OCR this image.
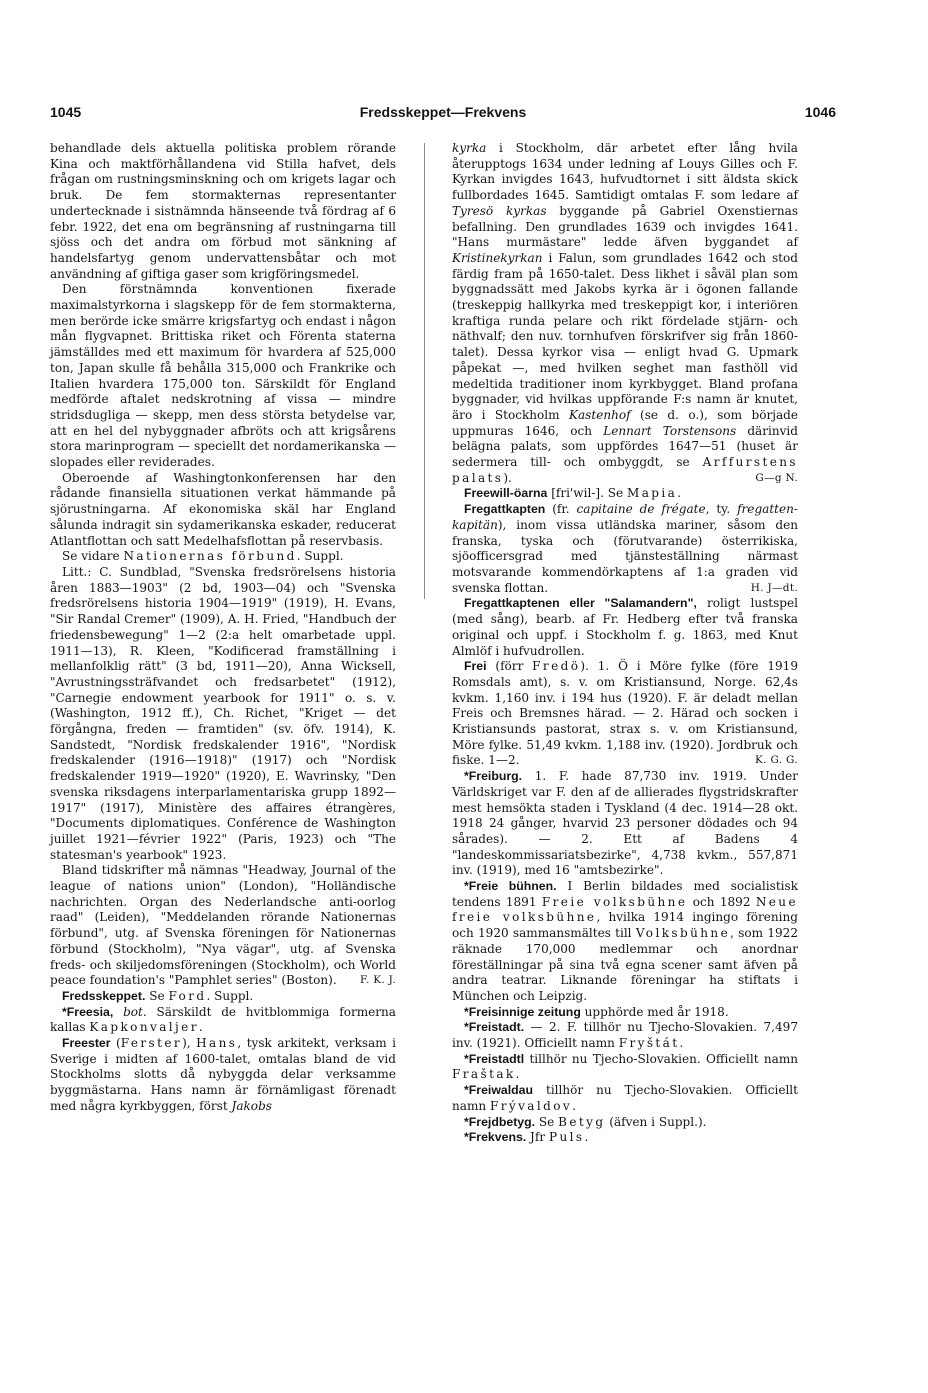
1045	Fredsskeppet—Frekvens	1046
behandlade dels aktuella politiska problem rörande Kina och maktförhållandena vid Stilla hafvet, dels frågan om rustningsminskning och om krigets lagar och bruk. De fem stormakternas representanter undertecknade i sistnämnda hänseende två fördrag af 6 febr. 1922, det ena om begränsning af rustningarna till sjöss och det andra om förbud mot sänkning af handelsfartyg genom undervattensbåtar och mot användning af giftiga gaser som krigföringsmedel.
Den förstnämnda konventionen fixerade maximalstyrkorna i slagskepp för de fem stormakterna, men berörde icke smärre krigsfartyg och endast i någon mån flygvapnet. Brittiska riket och Förenta staterna jämställdes med ett maximum för hvardera af 525,000 ton, Japan skulle få behålla 315,000 och Frankrike och Italien hvardera 175,000 ton. Särskildt för England medförde aftalet nedskrotning af vissa — mindre stridsdugliga — skepp, men dess största betydelse var, att en hel del nybyggnader afbröts och att krigsårens stora marinprogram — speciellt det nordamerikanska — slopades eller reviderades.
Oberoende af Washingtonkonferensen har den rådande finansiella situationen verkat hämmande på sjörustningarna. Af ekonomiska skäl har England sålunda indragit sin sydamerikanska eskader, reducerat Atlantflottan och satt Medelhafsflottan på reservbasis.
Se vidare Nationernas förbund. Suppl.
Litt.: C. Sundblad, "Svenska fredsrörelsens historia åren 1883—1903" (2 bd, 1903—04) och "Svenska fredsrörelsens historia 1904—1919" (1919), H. Evans, "Sir Randal Cremer" (1909), A. H. Fried, "Handbuch der friedensbewegung" 1—2 (2:a helt omarbetade uppl. 1911—13), R. Kleen, "Kodificerad framställning i mellanfolklig rätt" (3 bd, 1911—20), Anna Wicksell, "Avrustningssträfvandet och fredsarbetet" (1912), "Carnegie endowment yearbook for 1911" o. s. v. (Washington, 1912 ff.), Ch. Richet, "Kriget — det förgångna, freden — framtiden" (sv. öfv. 1914), K. Sandstedt, "Nordisk fredskalender 1916", "Nordisk fredskalender (1916—1918)" (1917) och "Nordisk fredskalender 1919—1920" (1920), E. Wavrinsky, "Den svenska riksdagens interparlamentariska grupp 1892—1917" (1917), Ministère des affaires étrangères, "Documents diplomatiques. Conférence de Washington juillet 1921—février 1922" (Paris, 1923) och "The statesman's yearbook" 1923.
Bland tidskrifter må nämnas "Headway, Journal of the league of nations union" (London), "Holländische nachrichten. Organ des Nederlandsche anti-oorlog raad" (Leiden), "Meddelanden rörande Nationernas förbund", utg. af Svenska föreningen för Nationernas förbund (Stockholm), "Nya vägar", utg. af Svenska freds- och skiljedomsföreningen (Stockholm), och World peace foundation's "Pamphlet series" (Boston).	F. K. J.
Fredsskeppet. Se Ford. Suppl.
*Freesia, bot. Särskildt de hvitblommiga formerna kallas Kapkonvaljer.
Freester (Ferster), Hans, tysk arkitekt, verksam i Sverige i midten af 1600-talet, omtalas bland de vid Stockholms slotts då nybyggda delar verksamme byggmästarna. Hans namn är förnämligast förenadt med några kyrkbyggen, först Jakobs
kyrka i Stockholm, där arbetet efter lång hvila återupptogs 1634 under ledning af Louys Gilles och F. Kyrkan invigdes 1643, hufvudtornet i sitt äldsta skick fullbordades 1645. Samtidigt omtalas F. som ledare af Tyresö kyrkas byggande på Gabriel Oxenstiernas befallning. Den grundlades 1639 och invigdes 1641. "Hans murmästare" ledde äfven byggandet af Kristinekyrkan i Falun, som grundlades 1642 och stod färdig fram på 1650-talet. Dess likhet i såväl plan som byggnadssätt med Jakobs kyrka är i ögonen fallande (treskeppig hallkyrka med treskeppigt kor, i interiören kraftiga runda pelare och rikt fördelade stjärn- och näthvalf; den nuv. tornhufven förskrifver sig från 1860-talet). Dessa kyrkor visa — enligt hvad G. Upmark påpekat —, med hvilken seghet man fasthöll vid medeltida traditioner inom kyrkbygget. Bland profana byggnader, vid hvilkas uppförande F:s namn är knutet, äro i Stockholm Kastenhof (se d. o.), som började uppmuras 1646, och Lennart Torstensons därinvid belägna palats, som uppfördes 1647—51 (huset är sedermera till- och ombyggdt, se Arffurstens palats).	G—g N.
Freewill-öarna [fri'wil-]. Se Mapia.
Fregattkapten (fr. capitaine de frégate, ty. fregatten-kapitän), inom vissa utländska mariner, såsom den franska, tyska och (förutvarande) österrikiska, sjöofficersgrad med tjänsteställning närmast motsvarande kommendörkaptens af 1:a graden vid svenska flottan.	H. J—dt.
Fregattkaptenen eller "Salamandern", roligt lustspel (med sång), bearb. af Fr. Hedberg efter två franska original och uppf. i Stockholm f. g. 1863, med Knut Almlöf i hufvudrollen.
Frei (förr Fredö). 1. Ö i Möre fylke (före 1919 Romsdals amt), s. v. om Kristiansund, Norge. 62,4s kvkm. 1,160 inv. i 194 hus (1920). F. är deladt mellan Freis och Bremsnes härad. — 2. Härad och socken i Kristiansunds pastorat, strax s. v. om Kristiansund, Möre fylke. 51,49 kvkm. 1,188 inv. (1920). Jordbruk och fiske. 1—2.	K. G. G.
*Freiburg. 1. F. hade 87,730 inv. 1919. Under Världskriget var F. den af de allierades flygstridskrafter mest hemsökta staden i Tyskland (4 dec. 1914—28 okt. 1918 24 gånger, hvarvid 23 personer dödades och 94 sårades). — 2. Ett af Badens 4 "landeskommissariatsbezirke", 4,738 kvkm., 557,871 inv. (1919), med 16 "amtsbezirke".
*Freie bühnen. I Berlin bildades med socialistisk tendens 1891 Freie volksbühne och 1892 Neue freie volksbühne, hvilka 1914 ingingo förening och 1920 sammansmältes till Volksbühne, som 1922 räknade 170,000 medlemmar och anordnar föreställningar på sina två egna scener samt äfven på andra teatrar. Liknande föreningar ha stiftats i München och Leipzig.
*Freisinnige zeitung upphörde med år 1918.
*Freistadt. — 2. F. tillhör nu Tjecho-Slovakien. 7,497 inv. (1921). Officiellt namn Fryštát.
*Freistadtl tillhör nu Tjecho-Slovakien. Officiellt namn Fraštak.
*Freiwaldau tillhör nu Tjecho-Slovakien. Officiellt namn Frývaldov.
*Frejdbetyg. Se Betyg (äfven i Suppl.).
*Frekvens. Jfr Puls.
